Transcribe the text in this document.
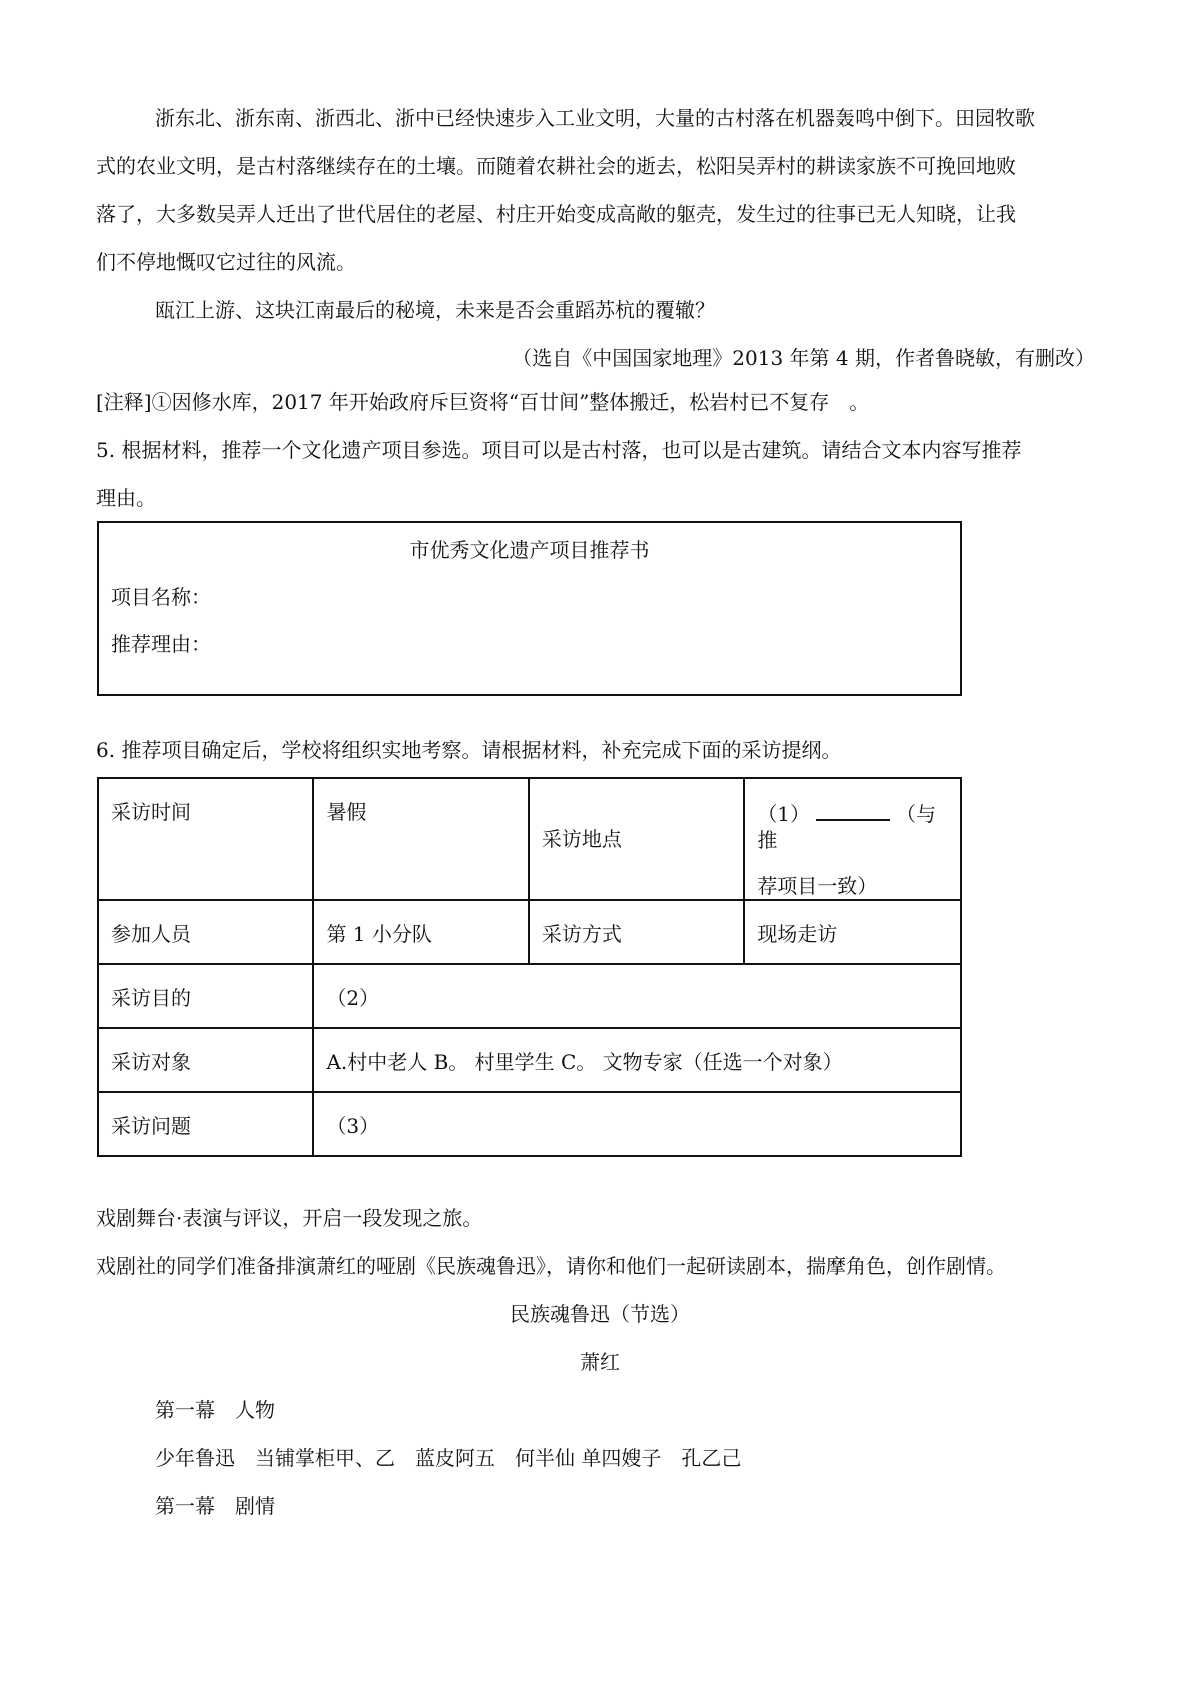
浙东北、浙东南、浙西北、浙中已经快速步入工业文明，大量的古村落在机器轰鸣中倒下。田园牧歌
式的农业文明，是古村落继续存在的土壤。而随着农耕社会的逝去，松阳吴弄村的耕读家族不可挽回地败
落了，大多数吴弄人迁出了世代居住的老屋、村庄开始变成高敞的躯壳，发生过的往事已无人知晓，让我
们不停地慨叹它过往的风流。
瓯江上游、这块江南最后的秘境，未来是否会重蹈苏杭的覆辙？
（选自《中国国家地理》2013 年第 4 期，作者鲁晓敏，有删改）
[注释]①因修水库，2017 年开始政府斥巨资将“百廿间”整体搬迁，松岩村已不复存　。
5. 根据材料，推荐一个文化遗产项目参选。项目可以是古村落，也可以是古建筑。请结合文本内容写推荐
理由。
市优秀文化遗产项目推荐书
项目名称：
推荐理由：
6. 推荐项目确定后，学校将组织实地考察。请根据材料，补充完成下面的采访提纲。
采访时间	暑假	采访地点	（1） （与推
荐项目一致）

参加人员	第 1 小分队	采访方式	现场走访
采访目的	（2）		
采访对象	A.村中老人 B。 村里学生 C。 文物专家（任选一个对象）		
采访问题	（3）		
戏剧舞台·表演与评议，开启一段发现之旅。
戏剧社的同学们准备排演萧红的哑剧《民族魂鲁迅》，请你和他们一起研读剧本，揣摩角色，创作剧情。
民族魂鲁迅（节选）
萧红
第一幕　人物
少年鲁迅　当铺掌柜甲、乙　蓝皮阿五　何半仙 单四嫂子　孔乙己
第一幕　剧情
